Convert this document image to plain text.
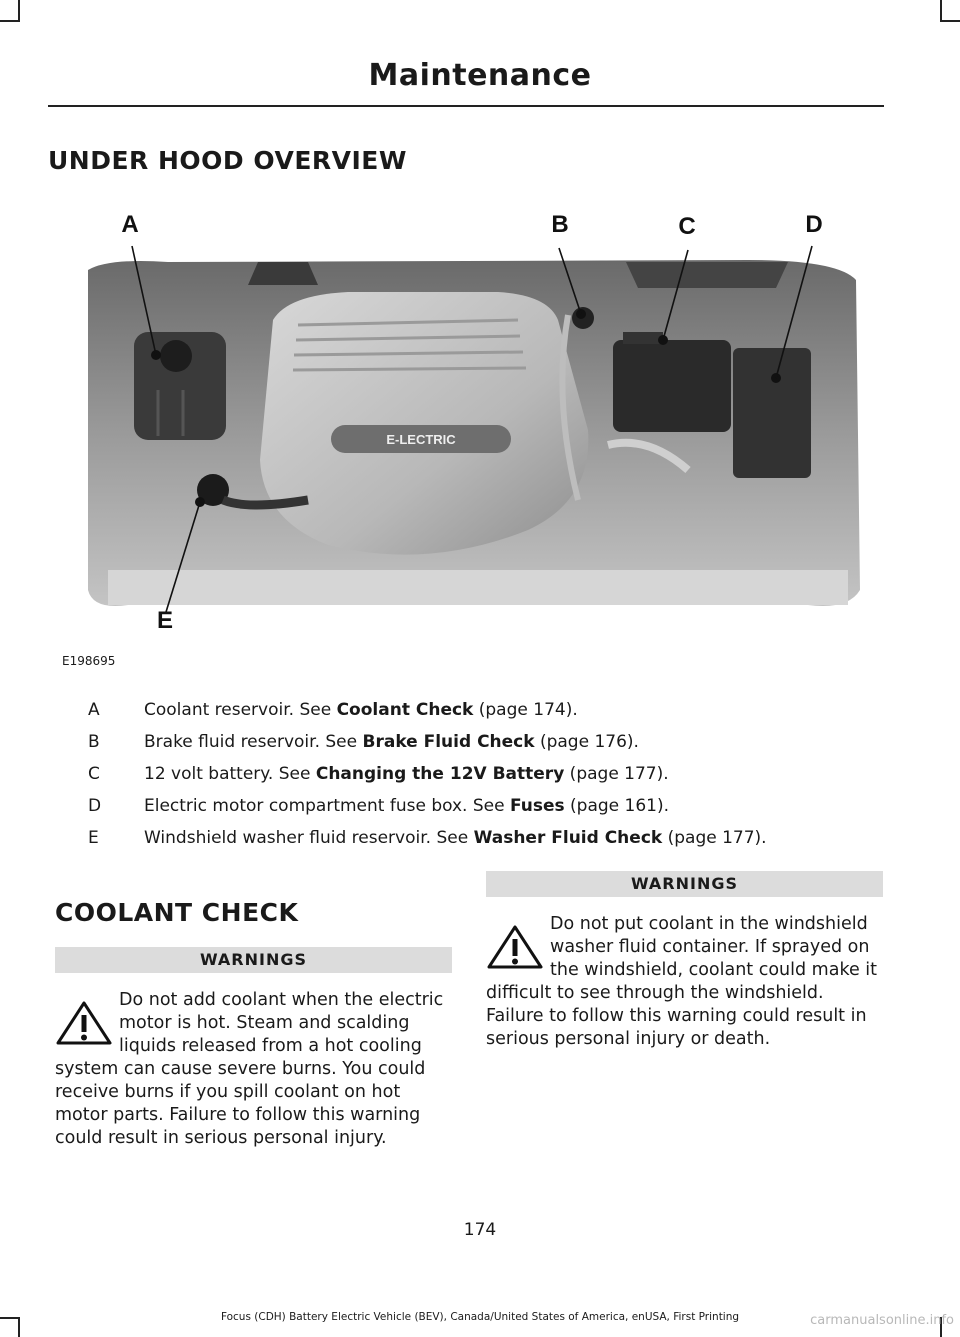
Maintenance
UNDER HOOD OVERVIEW
E-LECTRIC
A	B	C	D
E
E198695
A	Coolant reservoir. See Coolant Check (page 174).
B	Brake fluid reservoir. See Brake Fluid Check (page 176).
C	12 volt battery. See Changing the 12V Battery (page 177).
D	Electric motor compartment fuse box. See Fuses (page 161).
E	Windshield washer fluid reservoir. See Washer Fluid Check (page 177).
COOLANT CHECK
WARNINGS
Do not add coolant when the electric motor is hot. Steam and scalding liquids released from a hot cooling system can cause severe burns. You could receive burns if you spill coolant on hot motor parts. Failure to follow this warning could result in serious personal injury.
WARNINGS
Do not put coolant in the windshield washer fluid container. If sprayed on the windshield, coolant could make it difficult to see through the windshield. Failure to follow this warning could result in serious personal injury or death.
174
Focus (CDH) Battery Electric Vehicle (BEV), Canada/United States of America, enUSA, First Printing	carmanualsonline.info
